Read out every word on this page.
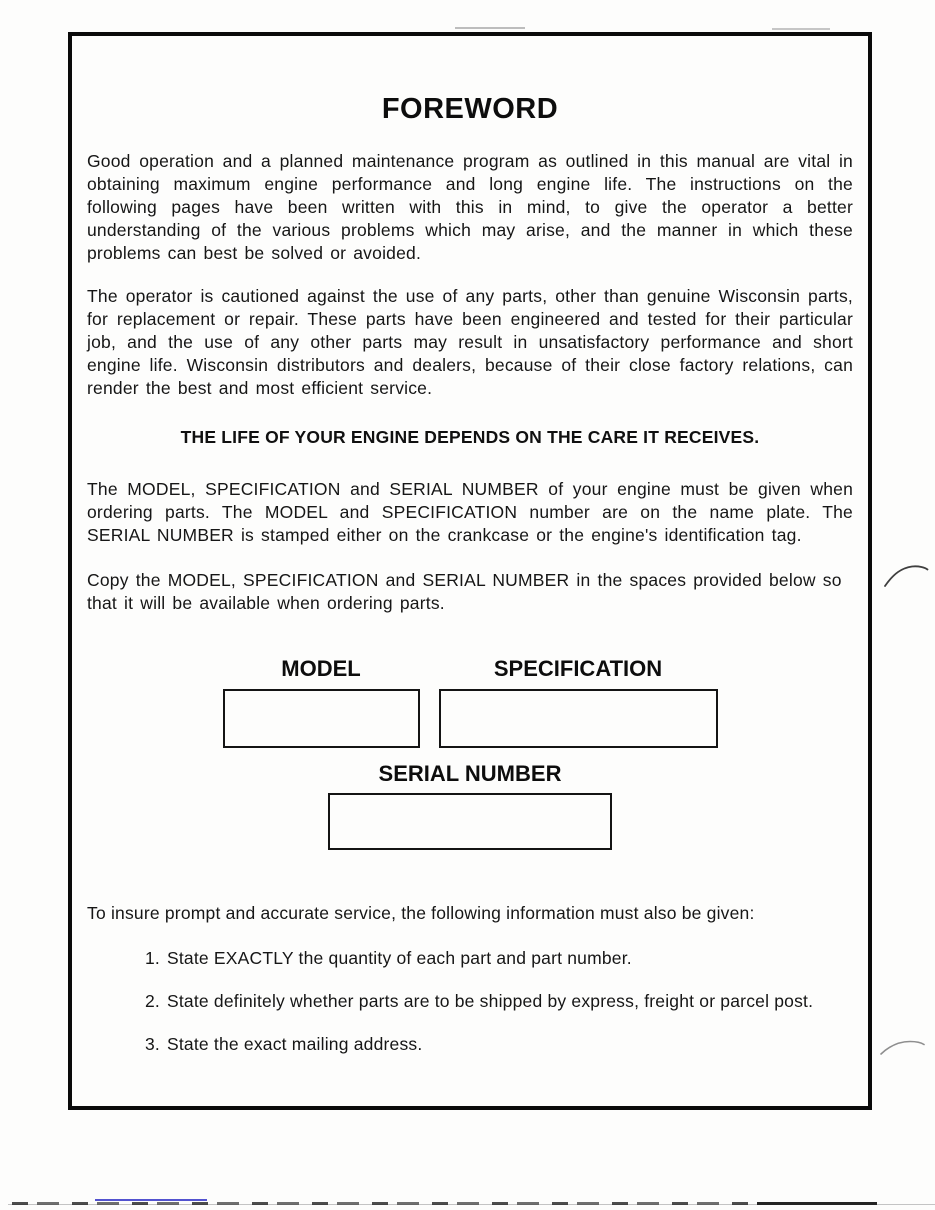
FOREWORD

Good operation and a planned maintenance program as outlined in this manual are vital in obtaining maximum engine performance and long engine life. The instructions on the following pages have been written with this in mind, to give the operator a better understanding of the various problems which may arise, and the manner in which these problems can best be solved or avoided.

The operator is cautioned against the use of any parts, other than genuine Wisconsin parts, for replacement or repair. These parts have been engineered and tested for their particular job, and the use of any other parts may result in unsatisfactory performance and short engine life. Wisconsin distributors and dealers, because of their close factory relations, can render the best and most efficient service.

THE LIFE OF YOUR ENGINE DEPENDS ON THE CARE IT RECEIVES.

The MODEL, SPECIFICATION and SERIAL NUMBER of your engine must be given when ordering parts. The MODEL and SPECIFICATION number are on the name plate. The SERIAL NUMBER is stamped either on the crankcase or the engine's identification tag.

Copy the MODEL, SPECIFICATION and SERIAL NUMBER in the spaces provided below so that it will be available when ordering parts.

MODEL	SPECIFICATION
SERIAL NUMBER

To insure prompt and accurate service, the following information must also be given:

1. State EXACTLY the quantity of each part and part number.
2. State definitely whether parts are to be shipped by express, freight or parcel post.
3. State the exact mailing address.
